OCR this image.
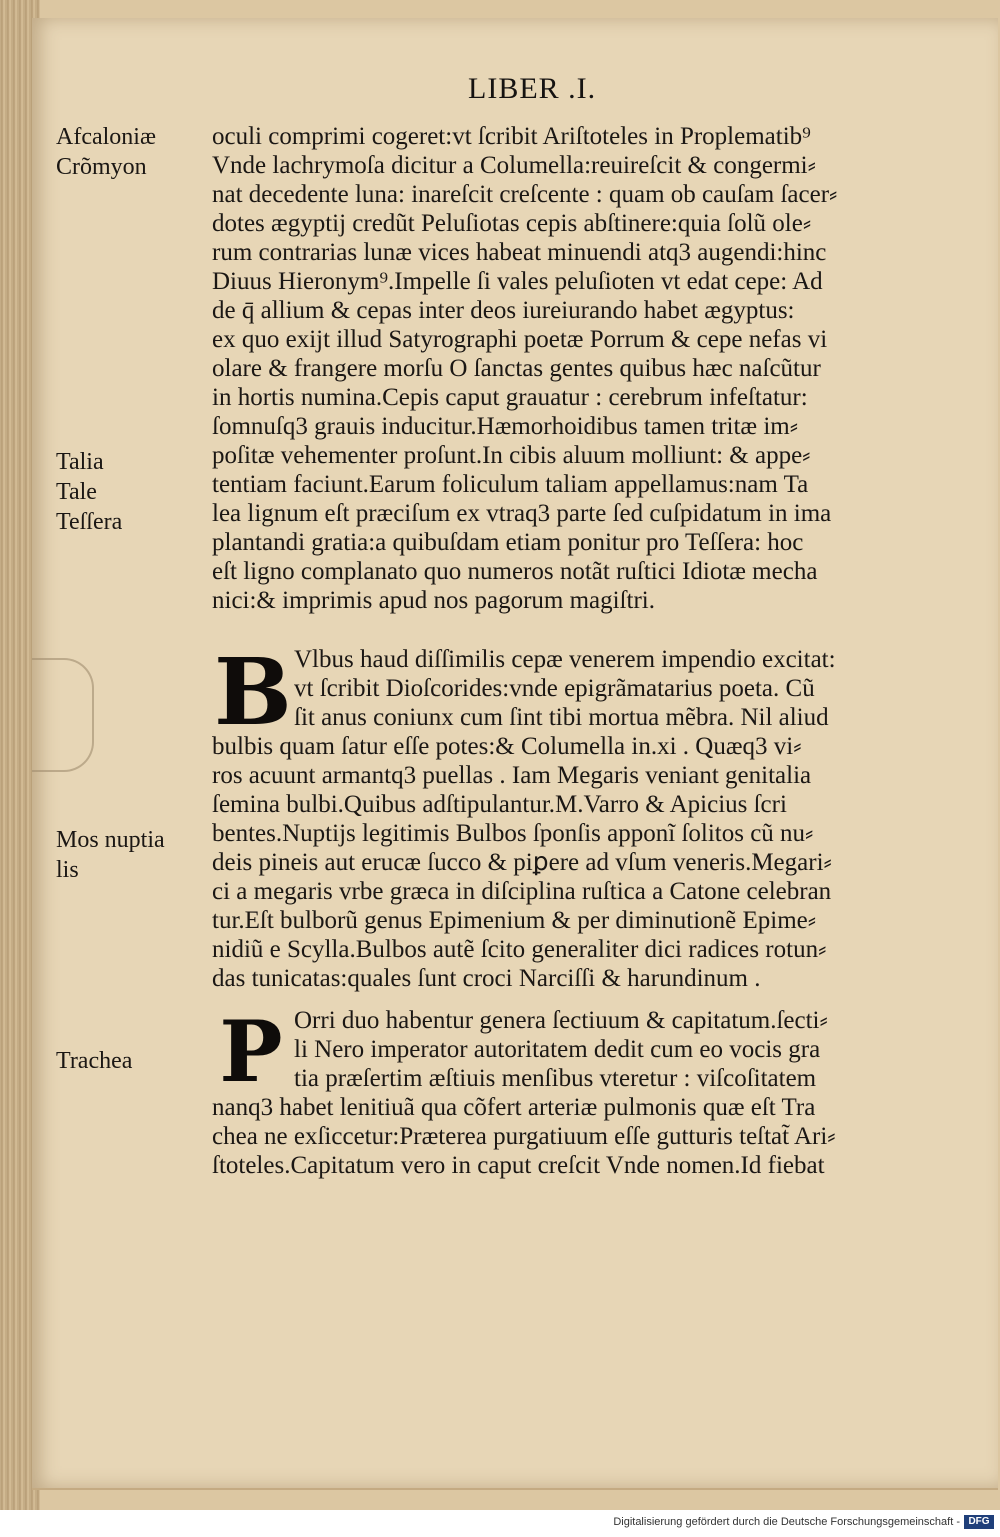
LIBER .I.
Afcaloniæ
Crõmyon
Talia
Tale
Teſſera
Mos nuptia
lis
Trachea
oculi comprimi cogeret:vt ſcribit Ariſtoteles in Proplematib⁹
Vnde lachrymoſa dicitur a Columella:reuireſcit & congermi⸗
nat decedente luna: inareſcit creſcente : quam ob cauſam ſacer⸗
dotes ægyptij credũt Peluſiotas cepis abſtinere:quia ſolũ ole⸗
rum contrarias lunæ vices habeat minuendi atq3 augendi:hinc
Diuus Hieronym⁹.Impelle ſi vales peluſioten vt edat cepe: Ad
de q̄ allium & cepas inter deos iureiurando habet ægyptus:
ex quo exijt illud Satyrographi poetæ Porrum & cepe nefas vi
olare & frangere morſu O ſanctas gentes quibus hæc naſcũtur
in hortis numina.Cepis caput grauatur : cerebrum infeſtatur:
ſomnuſq3 grauis inducitur.Hæmorhoidibus tamen tritæ im⸗
poſitæ vehementer proſunt.In cibis aluum molliunt: & appe⸗
tentiam faciunt.Earum foliculum taliam appellamus:nam Ta
lea lignum eſt præciſum ex vtraq3 parte ſed cuſpidatum in ima
plantandi gratia:a quibuſdam etiam ponitur pro Teſſera: hoc
eſt ligno complanato quo numeros notãt ruſtici Idiotæ mecha
nici:& imprimis apud nos pagorum magiſtri.
B Vlbus haud diſſimilis cepæ venerem impendio excitat:
vt ſcribit Dioſcorides:vnde epigrãmatarius poeta. Cũ
ſit anus coniunx cum ſint tibi mortua mẽbra. Nil aliud
bulbis quam ſatur eſſe potes:& Columella in.xi . Quæq3 vi⸗
ros acuunt armantq3 puellas . Iam Megaris veniant genitalia
ſemina bulbi.Quibus adſtipulantur.M.Varro & Apicius ſcri
bentes.Nuptijs legitimis Bulbos ſponſis apponĩ ſolitos cũ nu⸗
deis pineis aut erucæ ſucco & piꝑere ad vſum veneris.Megari⸗
ci a megaris vrbe græca in diſciplina ruſtica a Catone celebran
tur.Eſt bulborũ genus Epimenium & per diminutionẽ Epime⸗
nidiũ e Scylla.Bulbos autẽ ſcito generaliter dici radices rotun⸗
das tunicatas:quales ſunt croci Narciſſi & harundinum .
P Orri duo habentur genera ſectiuum & capitatum.ſecti⸗
li Nero imperator autoritatem dedit cum eo vocis gra
tia præſertim æſtiuis menſibus vteretur : viſcoſitatem
nanq3 habet lenitiuã qua cõfert arteriæ pulmonis quæ eſt Tra
chea ne exſiccetur:Præterea purgatiuum eſſe gutturis teſtat̃ Ari⸗
ſtoteles.Capitatum vero in caput creſcit Vnde nomen.Id fiebat
Digitalisierung gefördert durch die Deutsche Forschungsgemeinschaft - DFG
